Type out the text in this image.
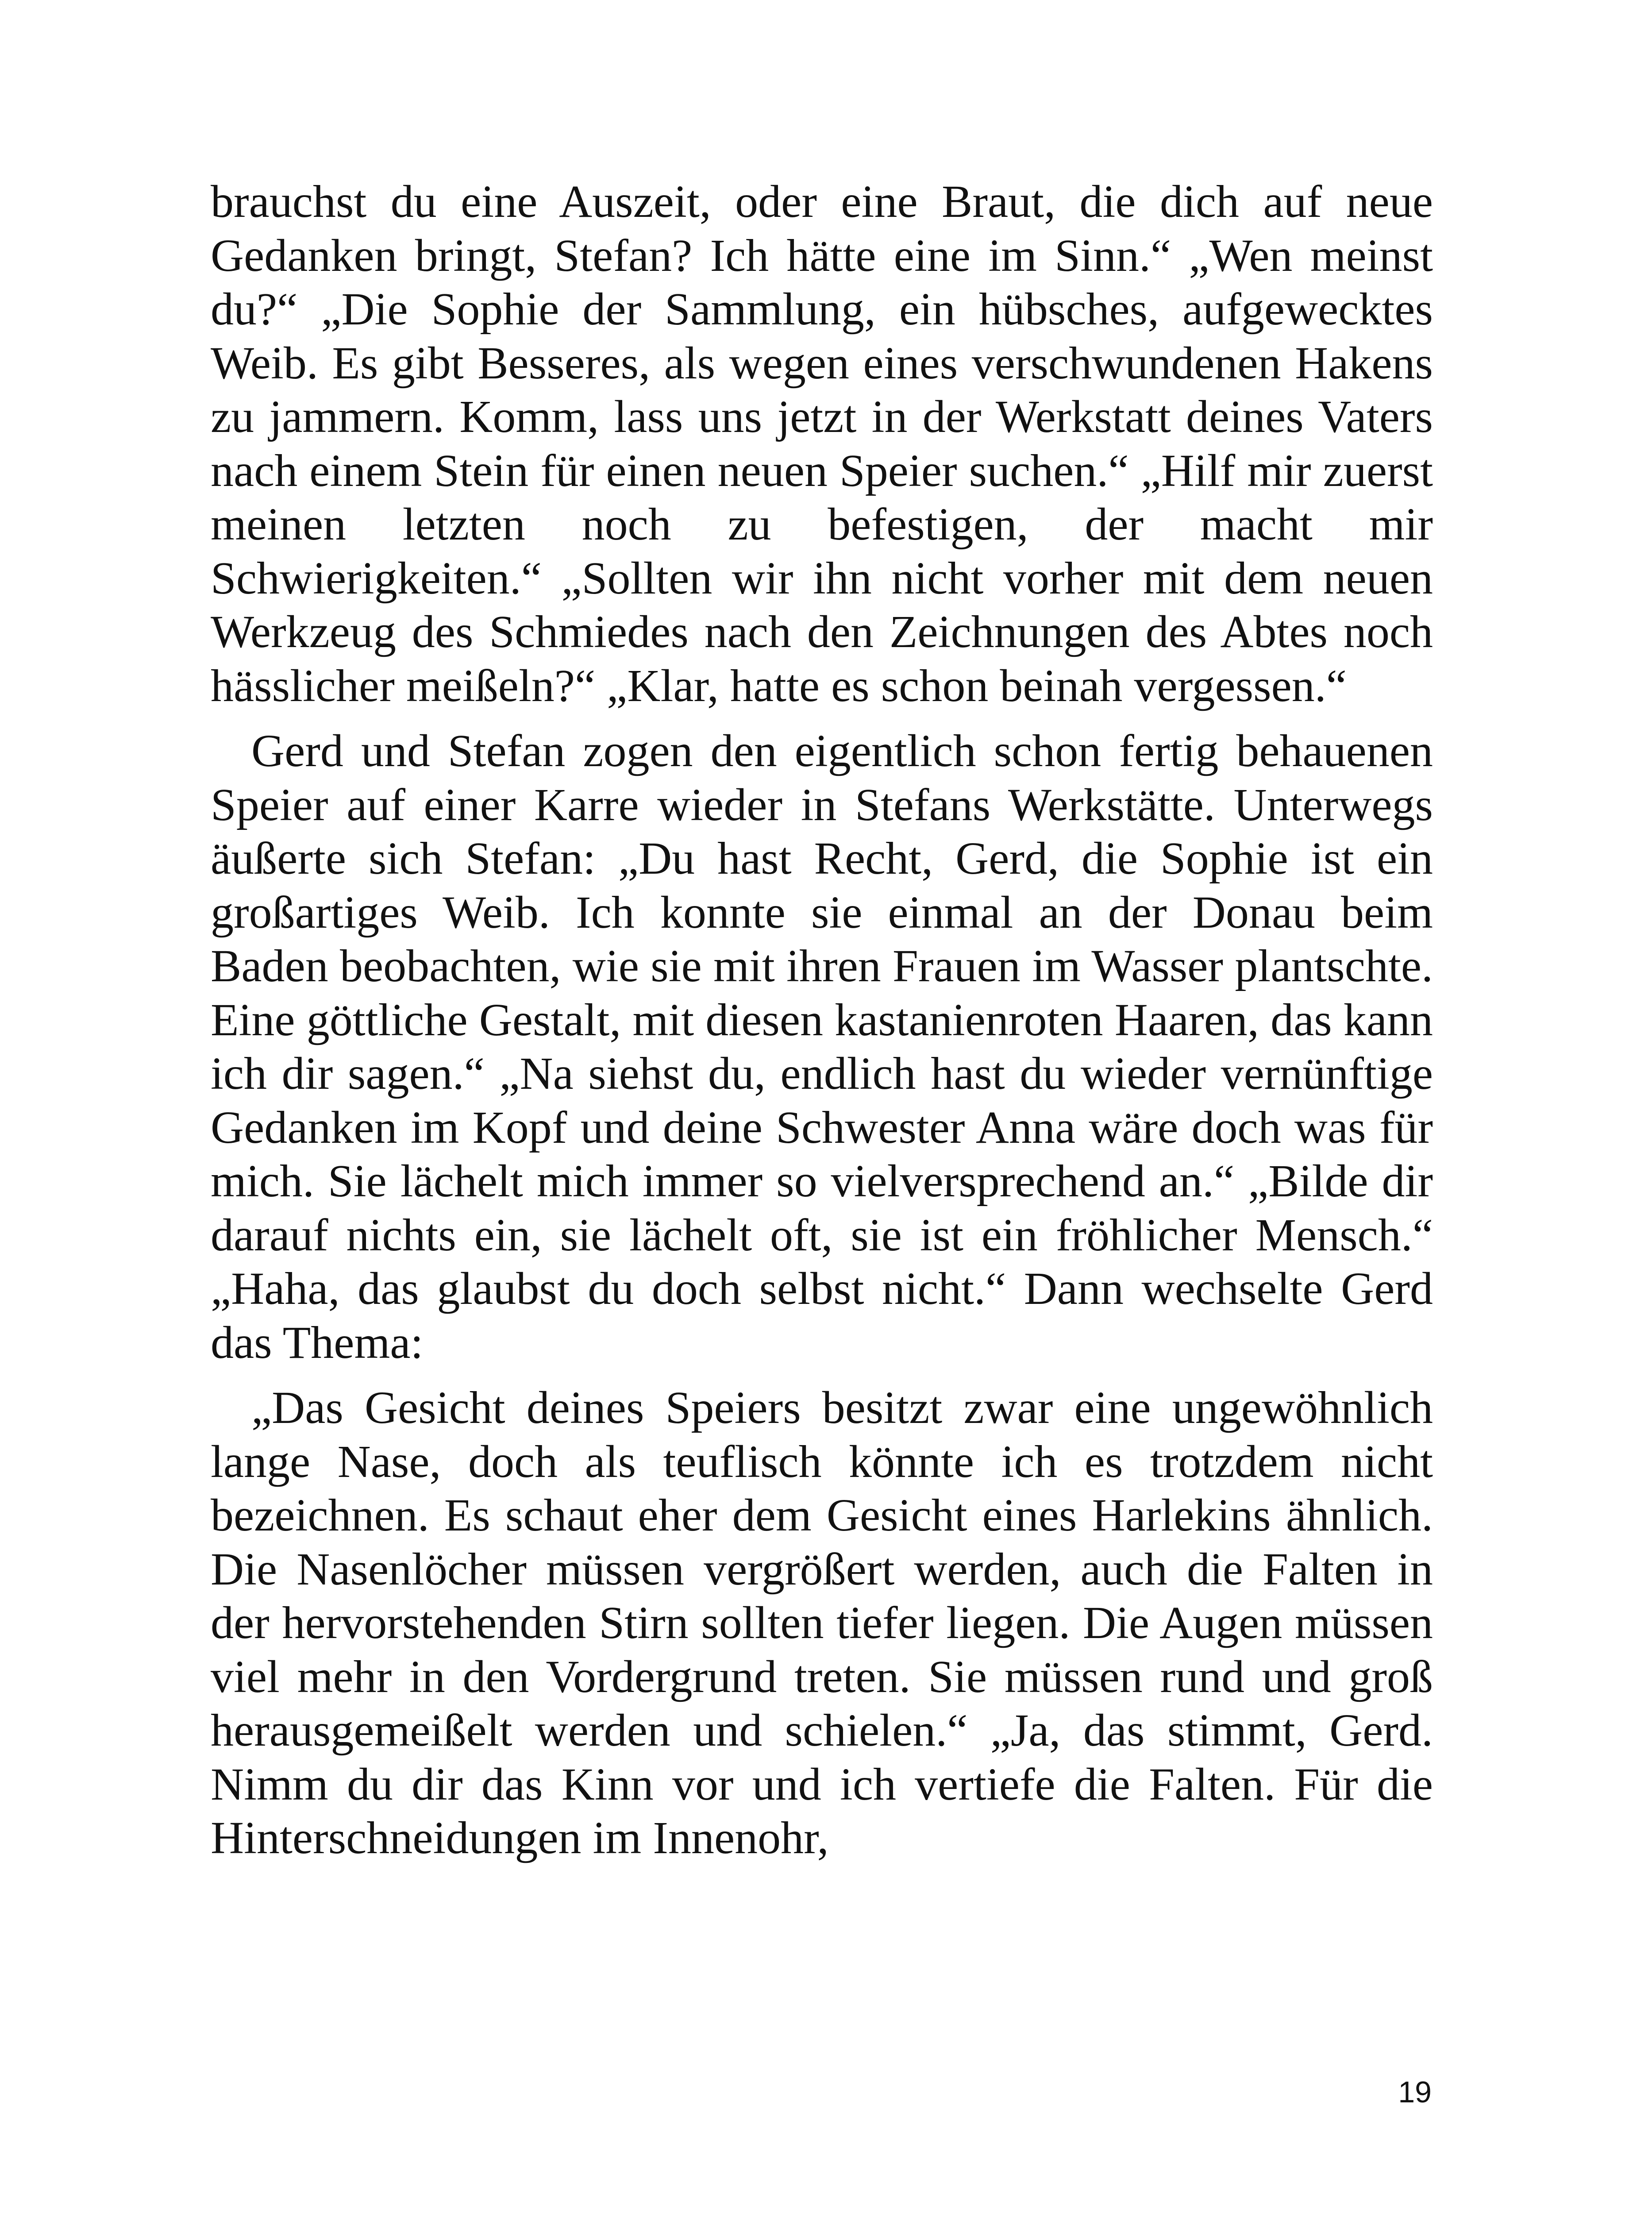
brauchst du eine Auszeit, oder eine Braut, die dich auf neue Gedanken bringt, Stefan? Ich hätte eine im Sinn.“ „Wen meinst du?“ „Die Sophie der Sammlung, ein hübsches, aufgewecktes Weib. Es gibt Besseres, als wegen eines verschwundenen Hakens zu jammern. Komm, lass uns jetzt in der Werkstatt deines Vaters nach einem Stein für einen neuen Speier suchen.“ „Hilf mir zuerst meinen letzten noch zu befestigen, der macht mir Schwierigkeiten.“ „Sollten wir ihn nicht vorher mit dem neuen Werkzeug des Schmiedes nach den Zeichnungen des Abtes noch hässlicher meißeln?“ „Klar, hatte es schon beinah vergessen.“

Gerd und Stefan zogen den eigentlich schon fertig behauenen Speier auf einer Karre wieder in Stefans Werkstätte. Unterwegs äußerte sich Stefan: „Du hast Recht, Gerd, die Sophie ist ein großartiges Weib. Ich konnte sie einmal an der Donau beim Baden beobachten, wie sie mit ihren Frauen im Wasser plantschte. Eine göttliche Gestalt, mit diesen kastanienroten Haaren, das kann ich dir sagen.“ „Na siehst du, endlich hast du wieder vernünftige Gedanken im Kopf und deine Schwester Anna wäre doch was für mich. Sie lächelt mich immer so vielversprechend an.“ „Bilde dir darauf nichts ein, sie lächelt oft, sie ist ein fröhlicher Mensch.“ „Haha, das glaubst du doch selbst nicht.“ Dann wechselte Gerd das Thema:

„Das Gesicht deines Speiers besitzt zwar eine ungewöhnlich lange Nase, doch als teuflisch könnte ich es trotzdem nicht bezeichnen. Es schaut eher dem Gesicht eines Harlekins ähnlich. Die Nasenlöcher müssen vergrößert werden, auch die Falten in der hervorstehenden Stirn sollten tiefer liegen. Die Augen müssen viel mehr in den Vordergrund treten. Sie müssen rund und groß herausgemeißelt werden und schielen.“ „Ja, das stimmt, Gerd. Nimm du dir das Kinn vor und ich vertiefe die Falten. Für die Hinterschneidungen im Innenohr,

19
